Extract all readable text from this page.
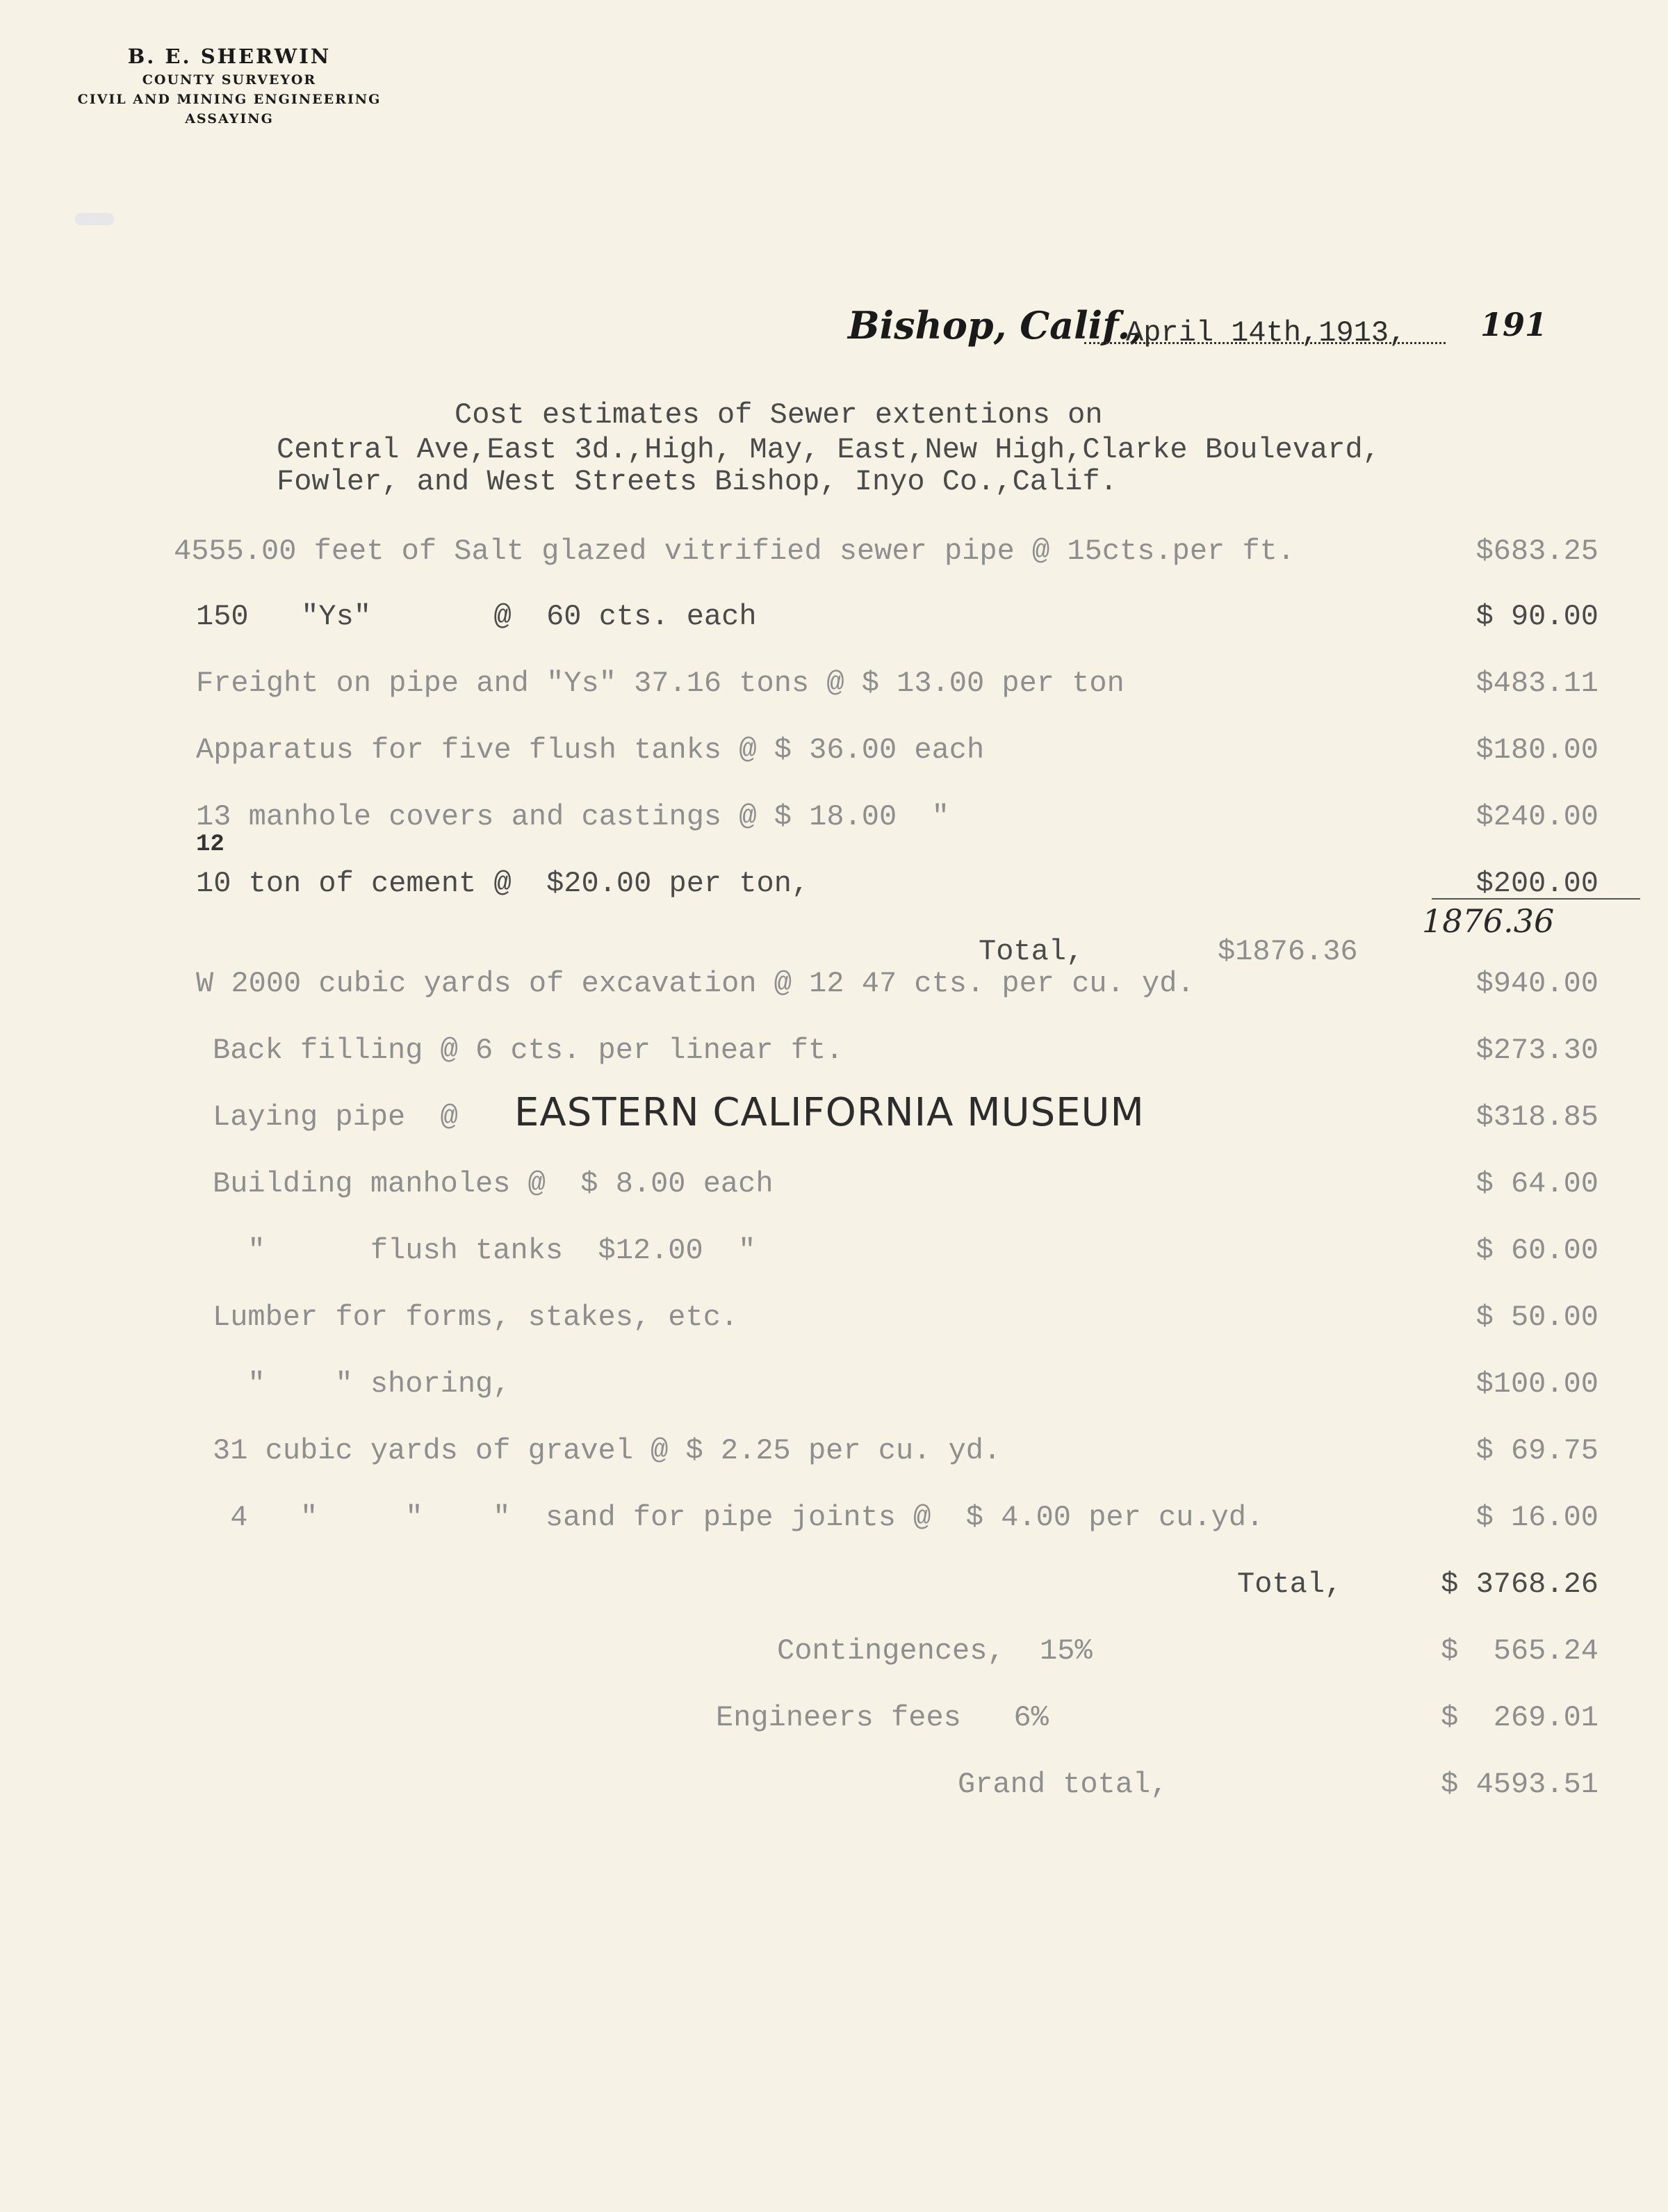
B. E. SHERWIN
COUNTY SURVEYOR
CIVIL AND MINING ENGINEERING
ASSAYING
Bishop, Calif.,
April 14th,1913, 191
Cost estimates of Sewer extentions on
Central Ave,East 3d.,High, May, East,New High,Clarke Boulevard,
Fowler, and West Streets Bishop, Inyo Co.,Calif.
4555.00 feet of Salt glazed vitrified sewer pipe @ 15cts.per ft.	$683.25
150   "Ys"       @  60 cts. each	$ 90.00
Freight on pipe and "Ys" 37.16 tons @ $ 13.00 per ton	$483.11
Apparatus for five flush tanks @ $ 36.00 each	$180.00
13 manhole covers and castings @ $ 18.00  "	$240.00
12
10 ton of cement @  $20.00 per ton,	$200.00
Total,	$1876.36
1876.36
W 2000 cubic yards of excavation @ 12 47 cts. per cu. yd.	$940.00
Back filling @ 6 cts. per linear ft.	$273.30
Laying pipe  @	$318.85
Building manholes @  $ 8.00 each	$ 64.00
"      flush tanks  $12.00  "	$ 60.00
Lumber for forms, stakes, etc.	$ 50.00
"    " shoring,	$100.00
31 cubic yards of gravel @ $ 2.25 per cu. yd.	$ 69.75
4   "     "    "  sand for pipe joints @  $ 4.00 per cu.yd.	$ 16.00
Total,	$ 3768.26
Contingences,  15%	$  565.24
Engineers fees   6%	$  269.01
Grand total,	$ 4593.51
EASTERN CALIFORNIA MUSEUM
